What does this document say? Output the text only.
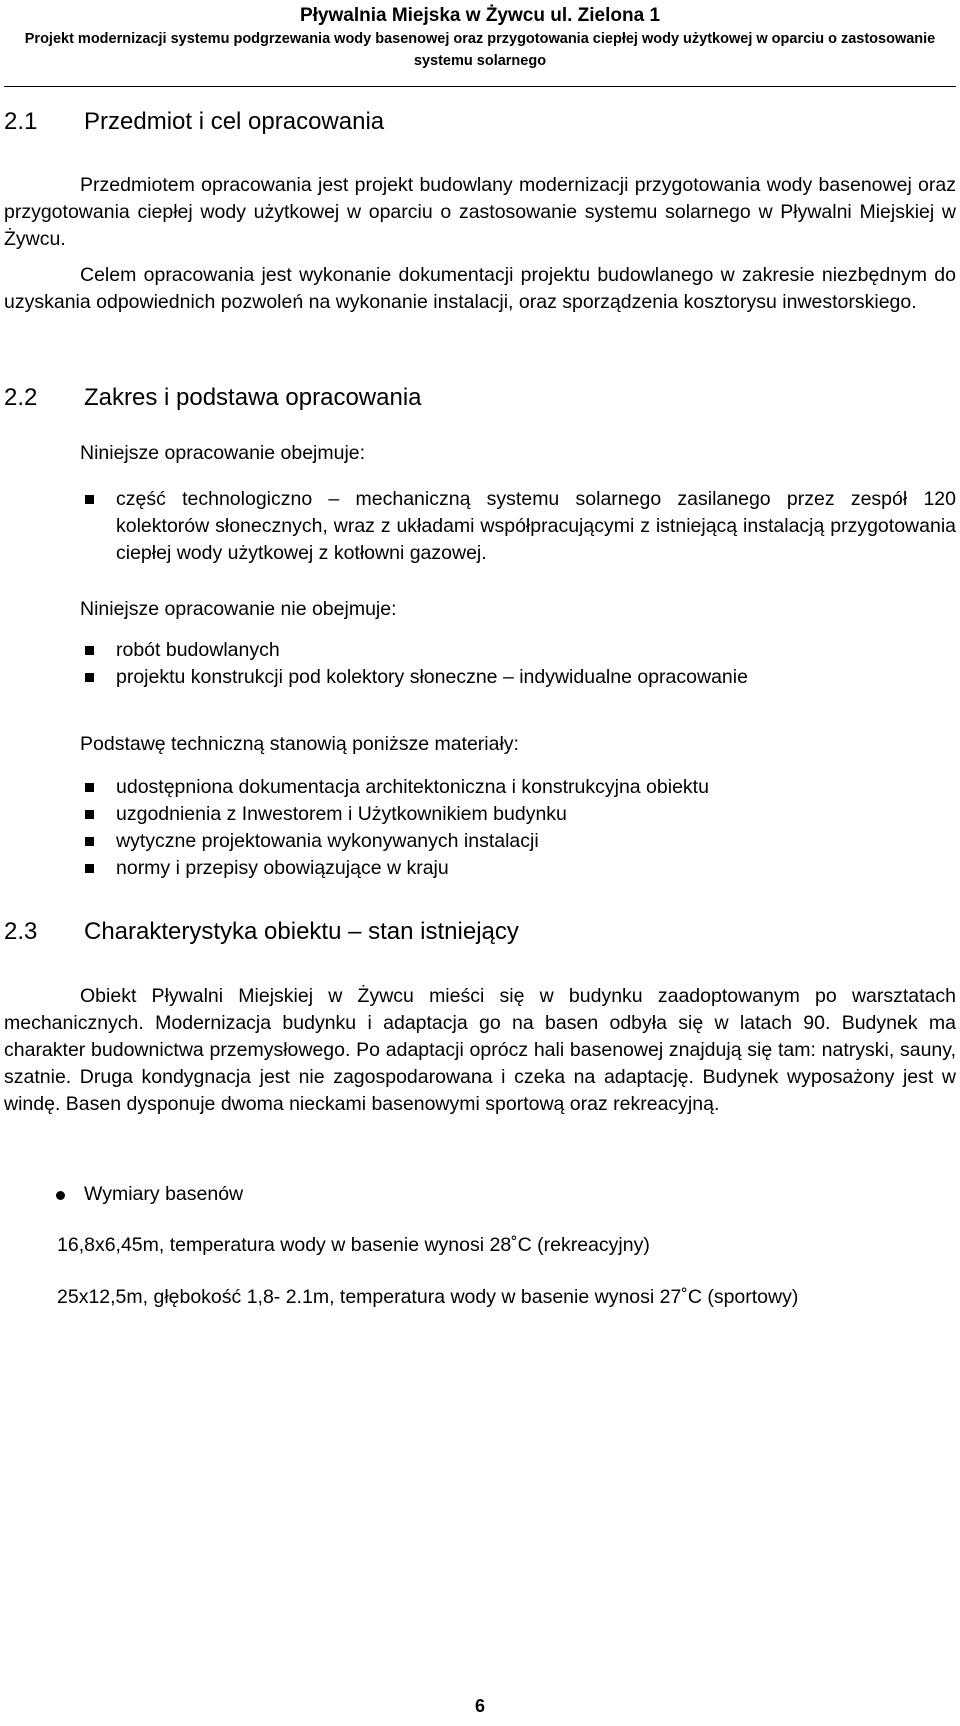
Pływalnia Miejska w Żywcu ul. Zielona 1
Projekt modernizacji systemu podgrzewania wody basenowej oraz przygotowania ciepłej wody użytkowej w oparciu o zastosowanie
systemu solarnego
2.1 Przedmiot i cel opracowania
Przedmiotem opracowania jest projekt budowlany modernizacji przygotowania wody basenowej oraz przygotowania ciepłej wody użytkowej w oparciu o zastosowanie systemu solarnego w Pływalni Miejskiej w Żywcu.
Celem opracowania jest wykonanie dokumentacji projektu budowlanego w zakresie niezbędnym do uzyskania odpowiednich pozwoleń na wykonanie instalacji, oraz sporządzenia kosztorysu inwestorskiego.
2.2 Zakres i podstawa opracowania
Niniejsze opracowanie obejmuje:
część technologiczno – mechaniczną systemu solarnego zasilanego przez zespół 120 kolektorów słonecznych, wraz z układami współpracującymi z istniejącą instalacją przygotowania ciepłej wody użytkowej z kotłowni gazowej.
Niniejsze opracowanie nie obejmuje:
robót budowlanych
projektu konstrukcji pod kolektory słoneczne – indywidualne opracowanie
Podstawę techniczną stanowią poniższe materiały:
udostępniona dokumentacja architektoniczna i konstrukcyjna obiektu
uzgodnienia z Inwestorem i Użytkownikiem budynku
wytyczne projektowania wykonywanych instalacji
normy i przepisy obowiązujące w kraju
2.3 Charakterystyka obiektu – stan istniejący
Obiekt Pływalni Miejskiej w Żywcu mieści się w budynku zaadoptowanym po warsztatach mechanicznych. Modernizacja budynku i adaptacja go na basen odbyła się w latach 90. Budynek ma charakter budownictwa przemysłowego. Po adaptacji oprócz hali basenowej znajdują się tam: natryski, sauny, szatnie. Druga kondygnacja jest nie zagospodarowana i czeka na adaptację. Budynek wyposażony jest w windę. Basen dysponuje dwoma nieckami basenowymi sportową oraz rekreacyjną.
Wymiary basenów
16,8x6,45m, temperatura wody w basenie wynosi 28˚C (rekreacyjny)
25x12,5m, głębokość 1,8- 2.1m, temperatura wody w basenie wynosi 27˚C (sportowy)
6
